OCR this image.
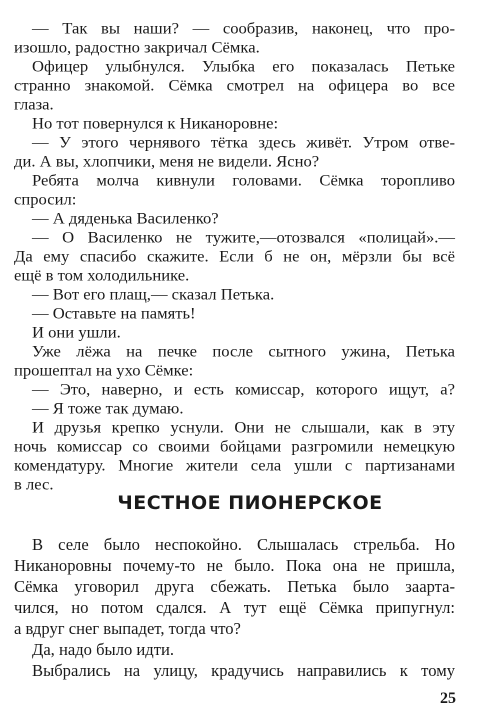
— Так вы наши? — сообразив, наконец, что про-
изошло, радостно закричал Сёмка.
Офицер улыбнулся. Улыбка его показалась Петьке
странно знакомой. Сёмка смотрел на офицера во все
глаза.
Но тот повернулся к Никаноровне:
— У этого чернявого тётка здесь живёт. Утром отве-
ди. А вы, хлопчики, меня не видели. Ясно?
Ребята молча кивнули головами. Сёмка торопливо
спросил:
— А дяденька Василенко?
— О Василенко не тужите,—отозвался «полицай».—
Да ему спасибо скажите. Если б не он, мёрзли бы всё
ещё в том холодильнике.
— Вот его плащ,— сказал Петька.
— Оставьте на память!
И они ушли.
Уже лёжа на печке после сытного ужина, Петька
прошептал на ухо Сёмке:
— Это, наверно, и есть комиссар, которого ищут, а?
— Я тоже так думаю.
И друзья крепко уснули. Они не слышали, как в эту
ночь комиссар со своими бойцами разгромили немецкую
комендатуру. Многие жители села ушли с партизанами
в лес.
ЧЕСТНОЕ ПИОНЕРСКОЕ
В селе было неспокойно. Слышалась стрельба. Но
Никаноровны почему-то не было. Пока она не пришла,
Сёмка уговорил друга сбежать. Петька было заарта-
чился, но потом сдался. А тут ещё Сёмка припугнул:
а вдруг снег выпадет, тогда что?
Да, надо было идти.
Выбрались на улицу, крадучись направились к тому
25
